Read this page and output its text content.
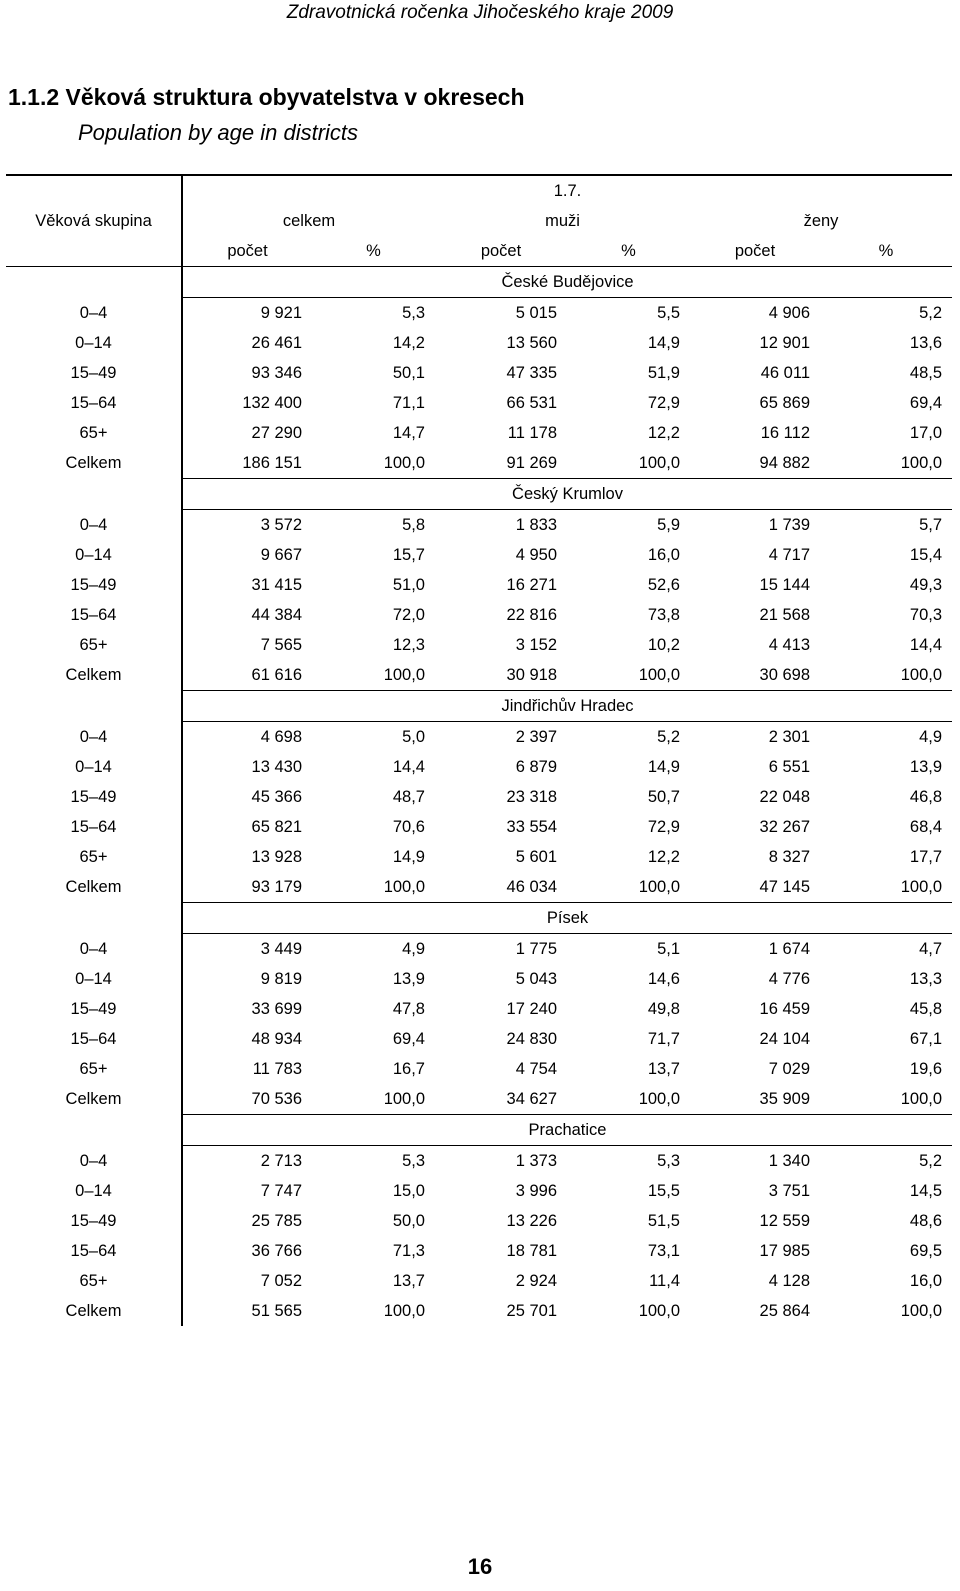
Zdravotnická ročenka Jihočeského kraje 2009
1.1.2 Věková struktura obyvatelstva v okresech
Population by age in districts
	1.7.					
Věková skupina	celkem		muži		ženy	
	počet	%	počet	%	počet	%
	České Budějovice					
0–4	9 921	5,3	5 015	5,5	4 906	5,2
0–14	26 461	14,2	13 560	14,9	12 901	13,6
15–49	93 346	50,1	47 335	51,9	46 011	48,5
15–64	132 400	71,1	66 531	72,9	65 869	69,4
65+	27 290	14,7	11 178	12,2	16 112	17,0
Celkem	186 151	100,0	91 269	100,0	94 882	100,0
	Český Krumlov					
0–4	3 572	5,8	1 833	5,9	1 739	5,7
0–14	9 667	15,7	4 950	16,0	4 717	15,4
15–49	31 415	51,0	16 271	52,6	15 144	49,3
15–64	44 384	72,0	22 816	73,8	21 568	70,3
65+	7 565	12,3	3 152	10,2	4 413	14,4
Celkem	61 616	100,0	30 918	100,0	30 698	100,0
	Jindřichův Hradec					
0–4	4 698	5,0	2 397	5,2	2 301	4,9
0–14	13 430	14,4	6 879	14,9	6 551	13,9
15–49	45 366	48,7	23 318	50,7	22 048	46,8
15–64	65 821	70,6	33 554	72,9	32 267	68,4
65+	13 928	14,9	5 601	12,2	8 327	17,7
Celkem	93 179	100,0	46 034	100,0	47 145	100,0
	Písek					
0–4	3 449	4,9	1 775	5,1	1 674	4,7
0–14	9 819	13,9	5 043	14,6	4 776	13,3
15–49	33 699	47,8	17 240	49,8	16 459	45,8
15–64	48 934	69,4	24 830	71,7	24 104	67,1
65+	11 783	16,7	4 754	13,7	7 029	19,6
Celkem	70 536	100,0	34 627	100,0	35 909	100,0
	Prachatice					
0–4	2 713	5,3	1 373	5,3	1 340	5,2
0–14	7 747	15,0	3 996	15,5	3 751	14,5
15–49	25 785	50,0	13 226	51,5	12 559	48,6
15–64	36 766	71,3	18 781	73,1	17 985	69,5
65+	7 052	13,7	2 924	11,4	4 128	16,0
Celkem	51 565	100,0	25 701	100,0	25 864	100,0
16
